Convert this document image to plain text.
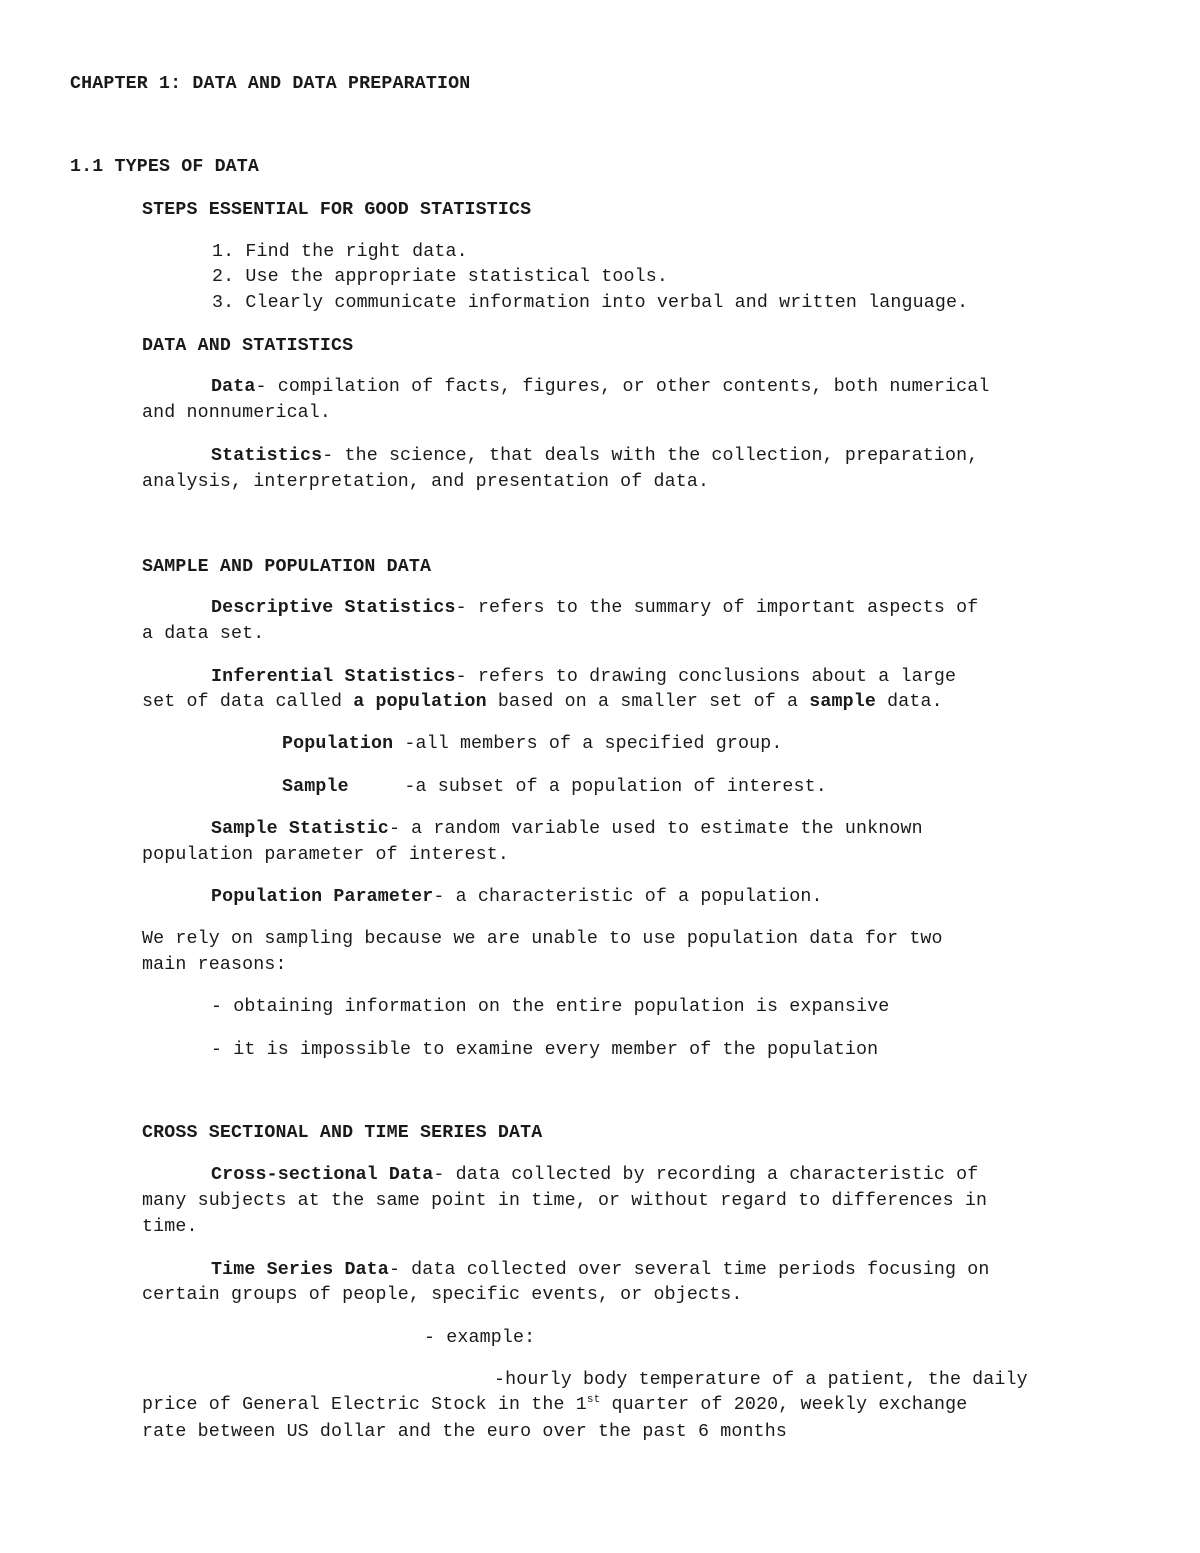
CHAPTER 1: DATA AND DATA PREPARATION
1.1 TYPES OF DATA
STEPS ESSENTIAL FOR GOOD STATISTICS
1. Find the right data.
2. Use the appropriate statistical tools.
3. Clearly communicate information into verbal and written language.
DATA AND STATISTICS
Data- compilation of facts, figures, or other contents, both numerical
and nonnumerical.
Statistics- the science, that deals with the collection, preparation,
analysis, interpretation, and presentation of data.
SAMPLE AND POPULATION DATA
Descriptive Statistics- refers to the summary of important aspects of
a data set.
Inferential Statistics- refers to drawing conclusions about a large
set of data called a population based on a smaller set of a sample data.
Population -all members of a specified group.
Sample     -a subset of a population of interest.
Sample Statistic- a random variable used to estimate the unknown
population parameter of interest.
Population Parameter- a characteristic of a population.
We rely on sampling because we are unable to use population data for two
main reasons:
- obtaining information on the entire population is expansive
- it is impossible to examine every member of the population
CROSS SECTIONAL AND TIME SERIES DATA
Cross-sectional Data- data collected by recording a characteristic of
many subjects at the same point in time, or without regard to differences in
time.
Time Series Data- data collected over several time periods focusing on
certain groups of people, specific events, or objects.
- example:
-hourly body temperature of a patient, the daily
price of General Electric Stock in the 1st quarter of 2020, weekly exchange
rate between US dollar and the euro over the past 6 months
